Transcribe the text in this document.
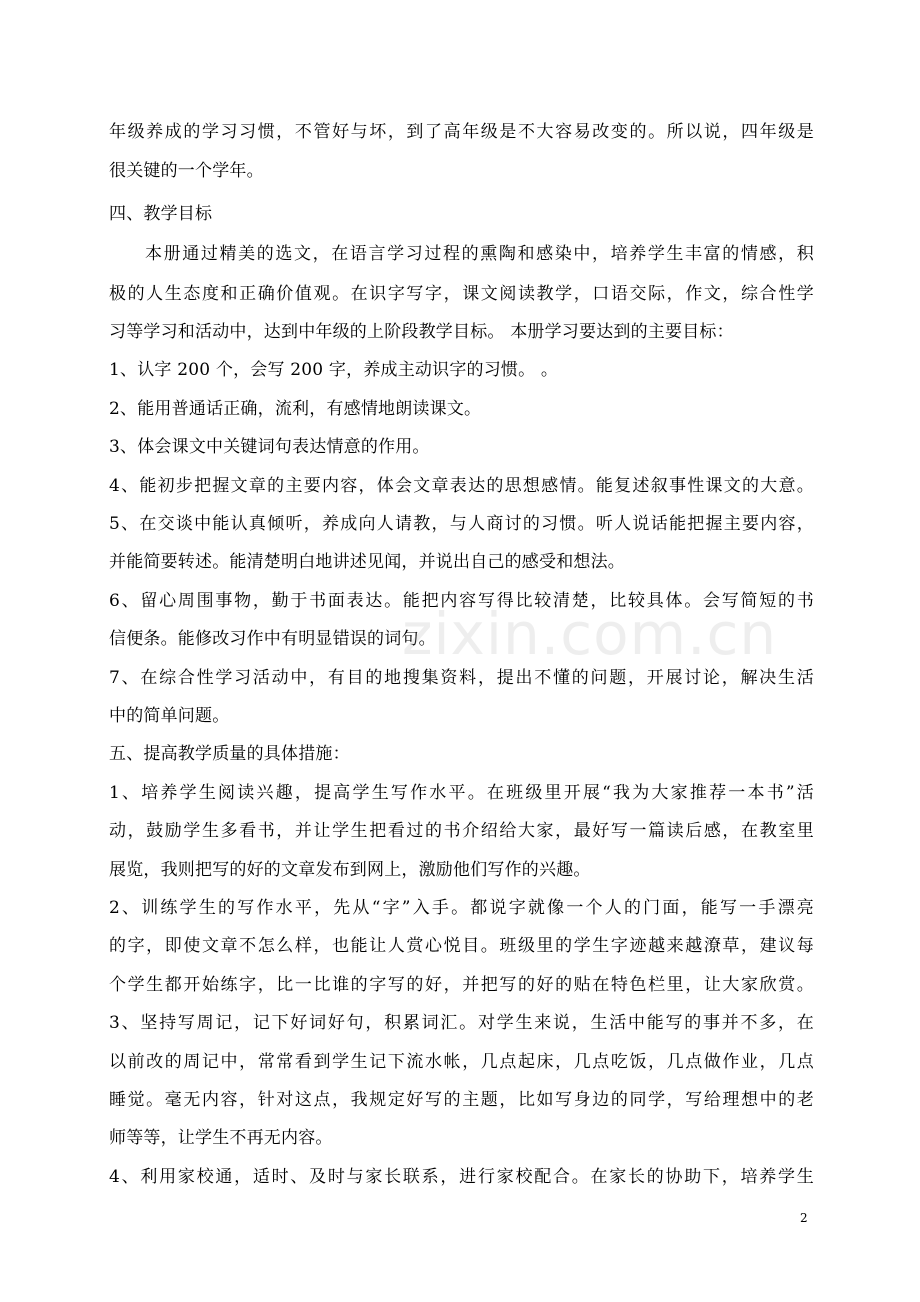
年级养成的学习习惯，不管好与坏，到了高年级是不大容易改变的。所以说，四年级是
很关键的一个学年。
四、教学目标
本册通过精美的选文，在语言学习过程的熏陶和感染中，培养学生丰富的情感，积
极的人生态度和正确价值观。在识字写字，课文阅读教学，口语交际，作文，综合性学
习等学习和活动中，达到中年级的上阶段教学目标。 本册学习要达到的主要目标：
1、认字 200 个，会写 200 字，养成主动识字的习惯。 。
2、能用普通话正确，流利，有感情地朗读课文。
3、体会课文中关键词句表达情意的作用。
4、能初步把握文章的主要内容，体会文章表达的思想感情。能复述叙事性课文的大意。
5、在交谈中能认真倾听，养成向人请教，与人商讨的习惯。听人说话能把握主要内容，
并能简要转述。能清楚明白地讲述见闻，并说出自己的感受和想法。
6、留心周围事物，勤于书面表达。能把内容写得比较清楚，比较具体。会写简短的书
信便条。能修改习作中有明显错误的词句。
7、在综合性学习活动中，有目的地搜集资料，提出不懂的问题，开展讨论，解决生活
中的简单问题。
五、提高教学质量的具体措施：
1、培养学生阅读兴趣，提高学生写作水平。在班级里开展“我为大家推荐一本书”活
动，鼓励学生多看书，并让学生把看过的书介绍给大家，最好写一篇读后感，在教室里
展览，我则把写的好的文章发布到网上，激励他们写作的兴趣。
2、训练学生的写作水平，先从“字”入手。都说字就像一个人的门面，能写一手漂亮
的字，即使文章不怎么样，也能让人赏心悦目。班级里的学生字迹越来越潦草，建议每
个学生都开始练字，比一比谁的字写的好，并把写的好的贴在特色栏里，让大家欣赏。
3、坚持写周记，记下好词好句，积累词汇。对学生来说，生活中能写的事并不多，在
以前改的周记中，常常看到学生记下流水帐，几点起床，几点吃饭，几点做作业，几点
睡觉。毫无内容，针对这点，我规定好写的主题，比如写身边的同学，写给理想中的老
师等等，让学生不再无内容。
4、利用家校通，适时、及时与家长联系，进行家校配合。在家长的协助下，培养学生
zixin.com.cn
2
